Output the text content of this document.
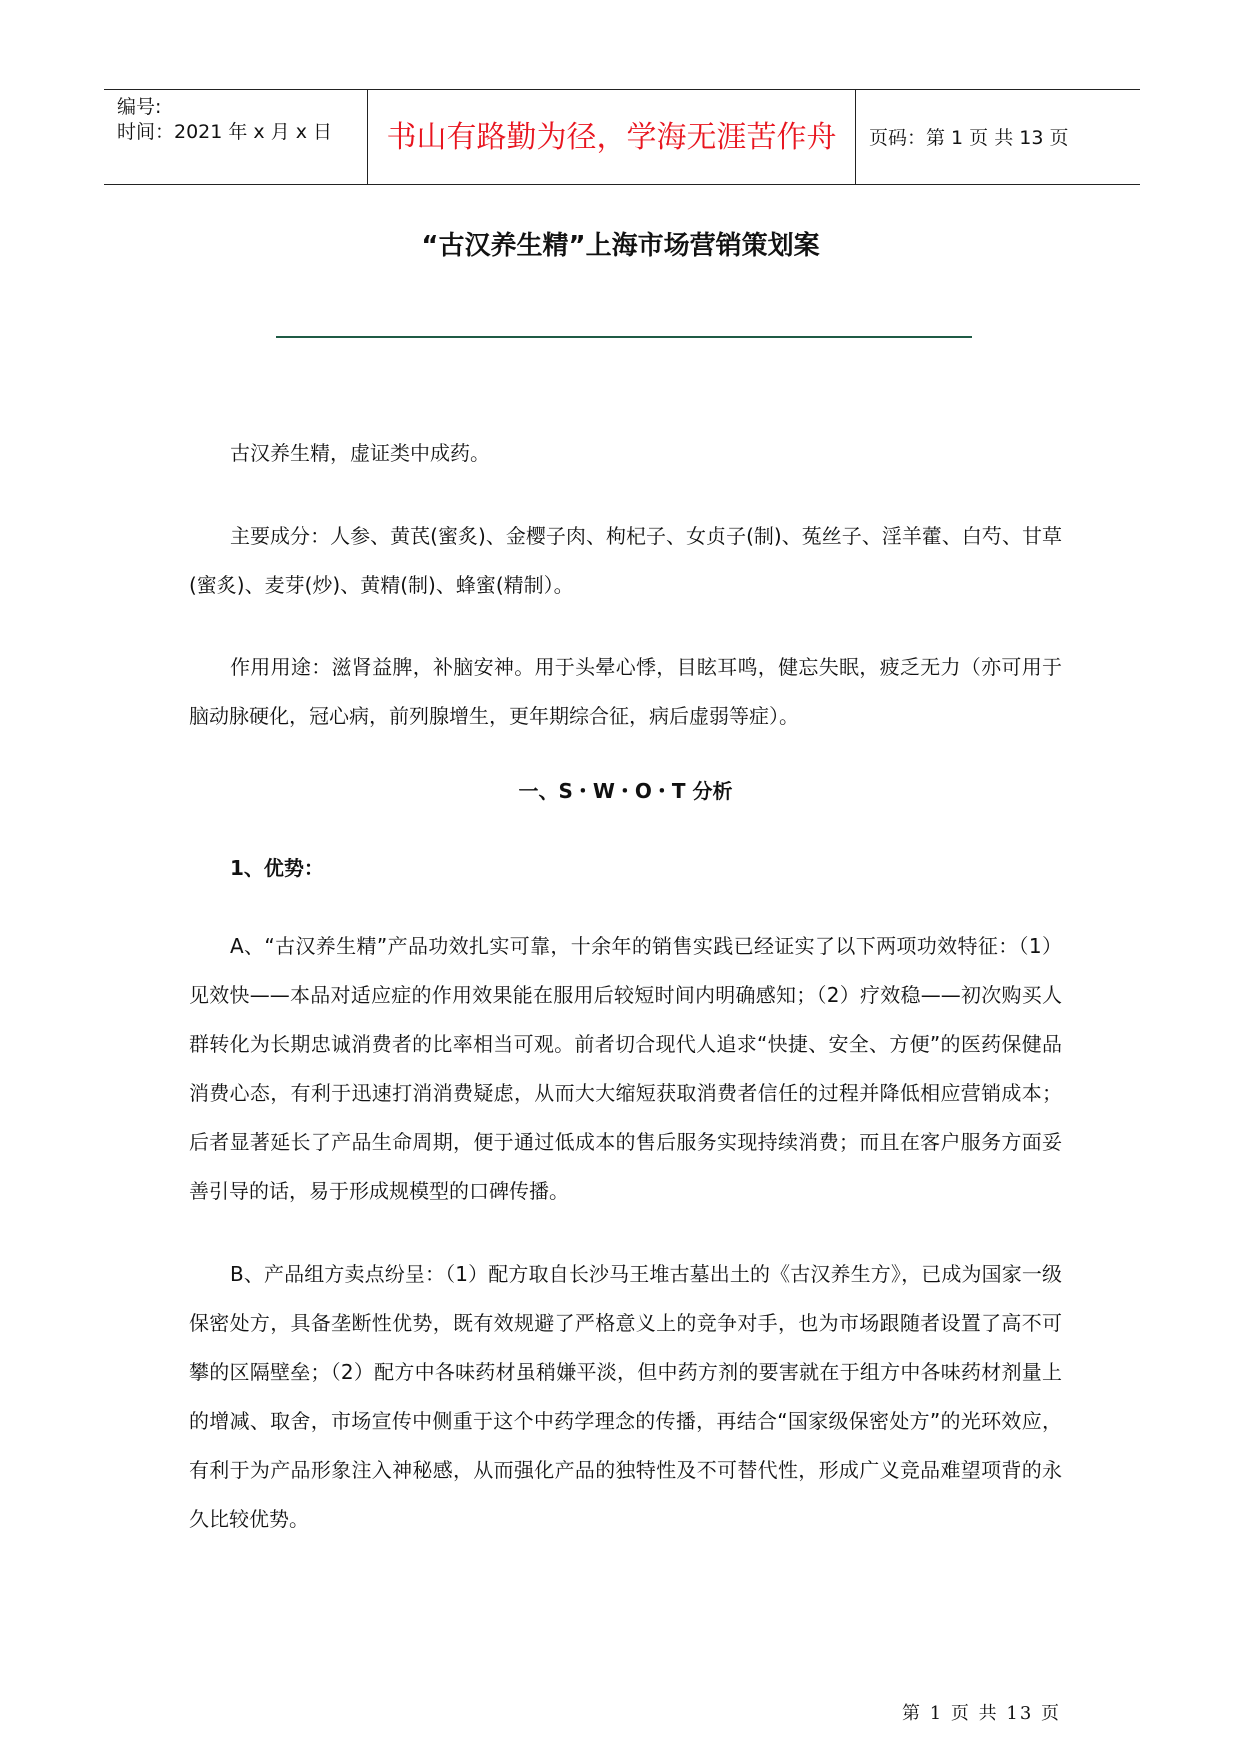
编号:
时间：2021 年 x 月 x 日	书山有路勤为径，学海无涯苦作舟	页码：第 1 页 共 13 页
“古汉养生精”上海市场营销策划案
古汉养生精，虚证类中成药。
主要成分：人参、黄芪(蜜炙)、金樱子肉、枸杞子、女贞子(制)、菟丝子、淫羊藿、白芍、甘草(蜜炙)、麦芽(炒)、黄精(制)、蜂蜜(精制）。
作用用途：滋肾益脾，补脑安神。用于头晕心悸，目眩耳鸣，健忘失眠，疲乏无力（亦可用于脑动脉硬化，冠心病，前列腺增生，更年期综合征，病后虚弱等症）。
一、S・W・O・T 分析
1、优势：
A、“古汉养生精”产品功效扎实可靠，十余年的销售实践已经证实了以下两项功效特征：（1）见效快——本品对适应症的作用效果能在服用后较短时间内明确感知；（2）疗效稳——初次购买人群转化为长期忠诚消费者的比率相当可观。前者切合现代人追求“快捷、安全、方便”的医药保健品消费心态，有利于迅速打消消费疑虑，从而大大缩短获取消费者信任的过程并降低相应营销成本；后者显著延长了产品生命周期，便于通过低成本的售后服务实现持续消费；而且在客户服务方面妥善引导的话，易于形成规模型的口碑传播。
B、产品组方卖点纷呈：（1）配方取自长沙马王堆古墓出土的《古汉养生方》，已成为国家一级保密处方，具备垄断性优势，既有效规避了严格意义上的竞争对手，也为市场跟随者设置了高不可攀的区隔壁垒；（2）配方中各味药材虽稍嫌平淡，但中药方剂的要害就在于组方中各味药材剂量上的增减、取舍，市场宣传中侧重于这个中药学理念的传播，再结合“国家级保密处方”的光环效应，有利于为产品形象注入神秘感，从而强化产品的独特性及不可替代性，形成广义竞品难望项背的永久比较优势。
第 1 页 共 13 页
